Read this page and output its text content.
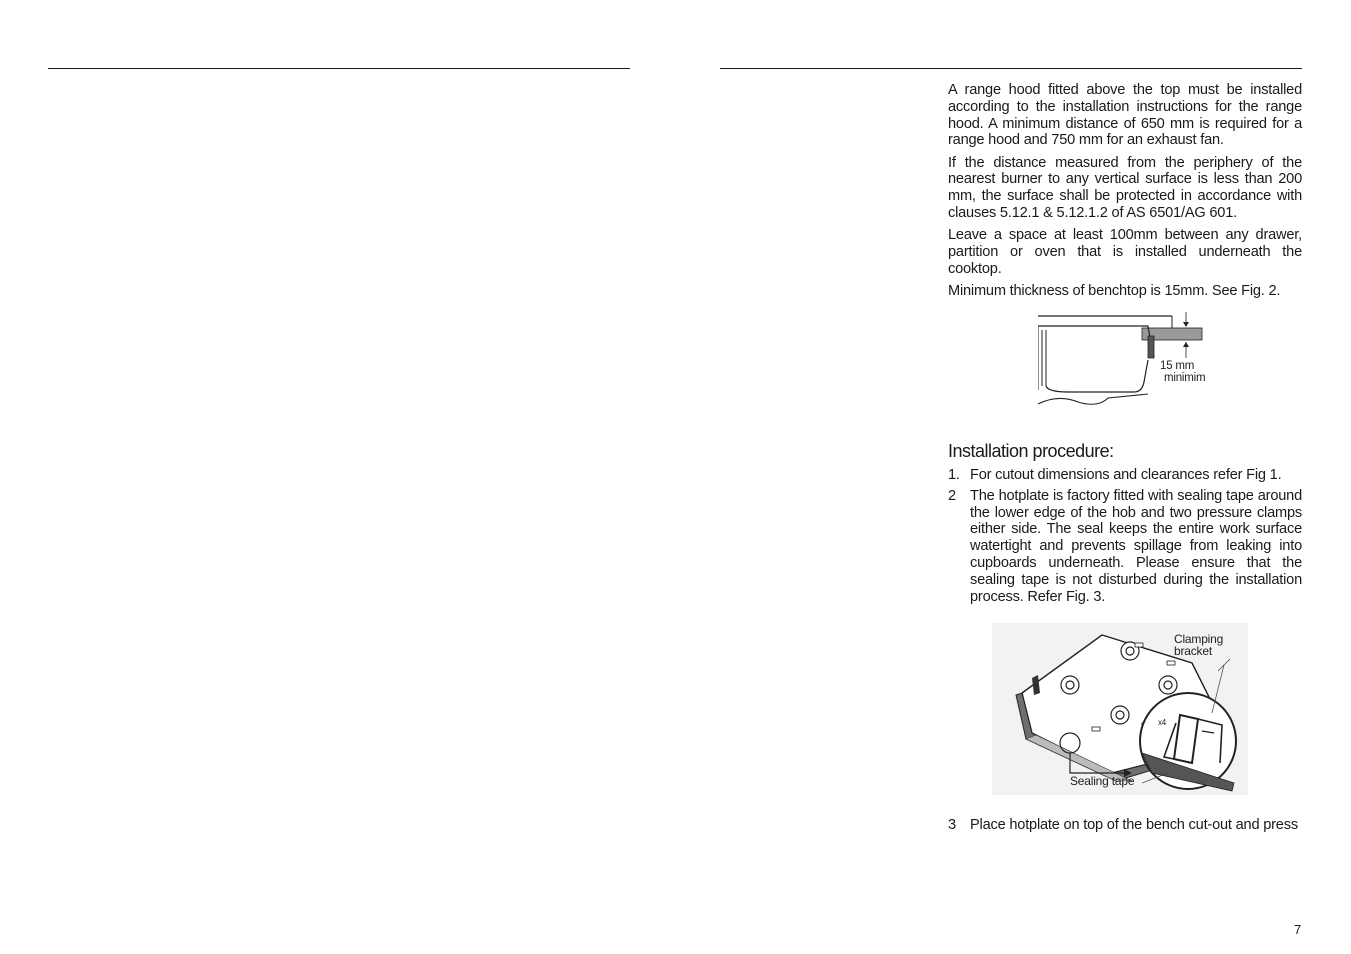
A range hood fitted above the top must be installed according to the installation instructions for the range hood. A minimum distance of 650 mm is required for a range hood and 750 mm for an exhaust fan.

If the distance measured from the periphery of the nearest burner to any vertical surface is less than 200 mm, the surface shall be protected in accordance with clauses 5.12.1 & 5.12.1.2 of AS 6501/AG 601.

Leave a space at least 100mm between any drawer, partition or oven that is installed underneath the cooktop.

Minimum thickness of benchtop is 15mm. See Fig. 2.

15 mm
minimim
Installation procedure:
1. For cutout dimensions and clearances refer Fig 1.
2 The hotplate is factory fitted with sealing tape around the lower edge of the hob and two pressure clamps either side. The seal keeps the entire work surface watertight and prevents spillage from leaking into cupboards underneath. Please ensure that the sealing tape is not disturbed during the installation process. Refer Fig. 3.
x4
Clamping
bracket
Sealing tape
3 Place hotplate on top of the bench cut-out and press
7
